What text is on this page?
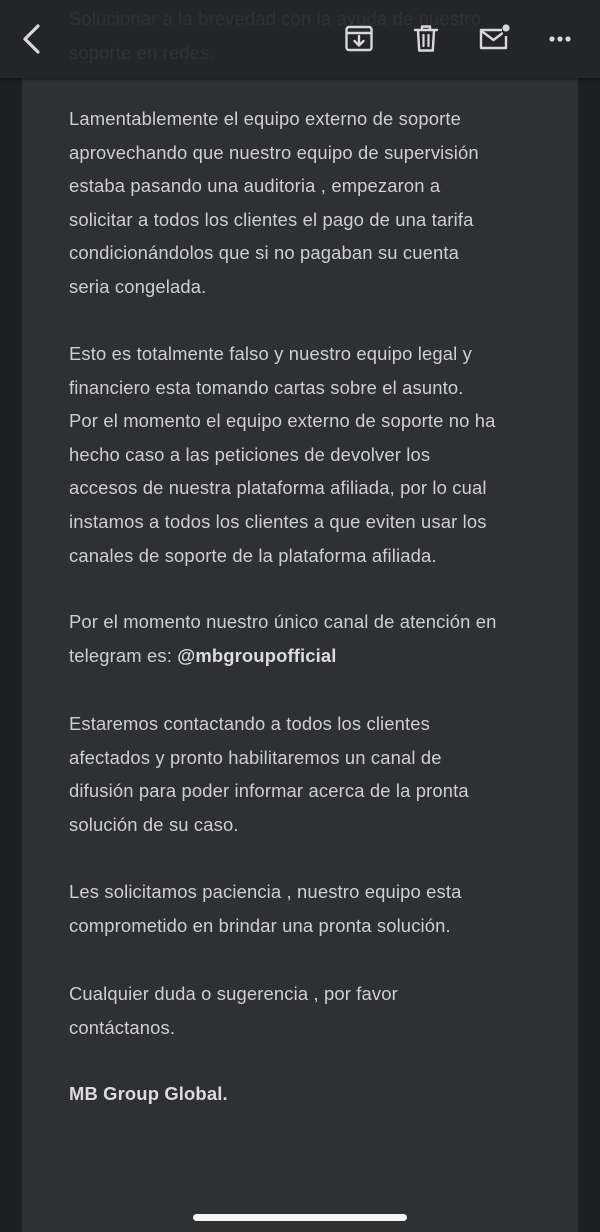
Lamentablemente el equipo externo de soporte
aprovechando que nuestro equipo de supervisión
estaba pasando una auditoria , empezaron a
solicitar a todos los clientes el pago de una tarifa
condicionándolos que si no pagaban su cuenta
seria congelada.

Esto es totalmente falso y nuestro equipo legal y
financiero esta tomando cartas sobre el asunto.
Por el momento el equipo externo de soporte no ha
hecho caso a las peticiones de devolver los
accesos de nuestra plataforma afiliada, por lo cual
instamos a todos los clientes a que eviten usar los
canales de soporte de la plataforma afiliada.

Por el momento nuestro único canal de atención en
telegram es: @mbgroupofficial

Estaremos contactando a todos los clientes
afectados y pronto habilitaremos un canal de
difusión para poder informar acerca de la pronta
solución de su caso.

Les solicitamos paciencia , nuestro equipo esta
comprometido en brindar una pronta solución.

Cualquier duda o sugerencia , por favor
contáctanos.

MB Group Global.
